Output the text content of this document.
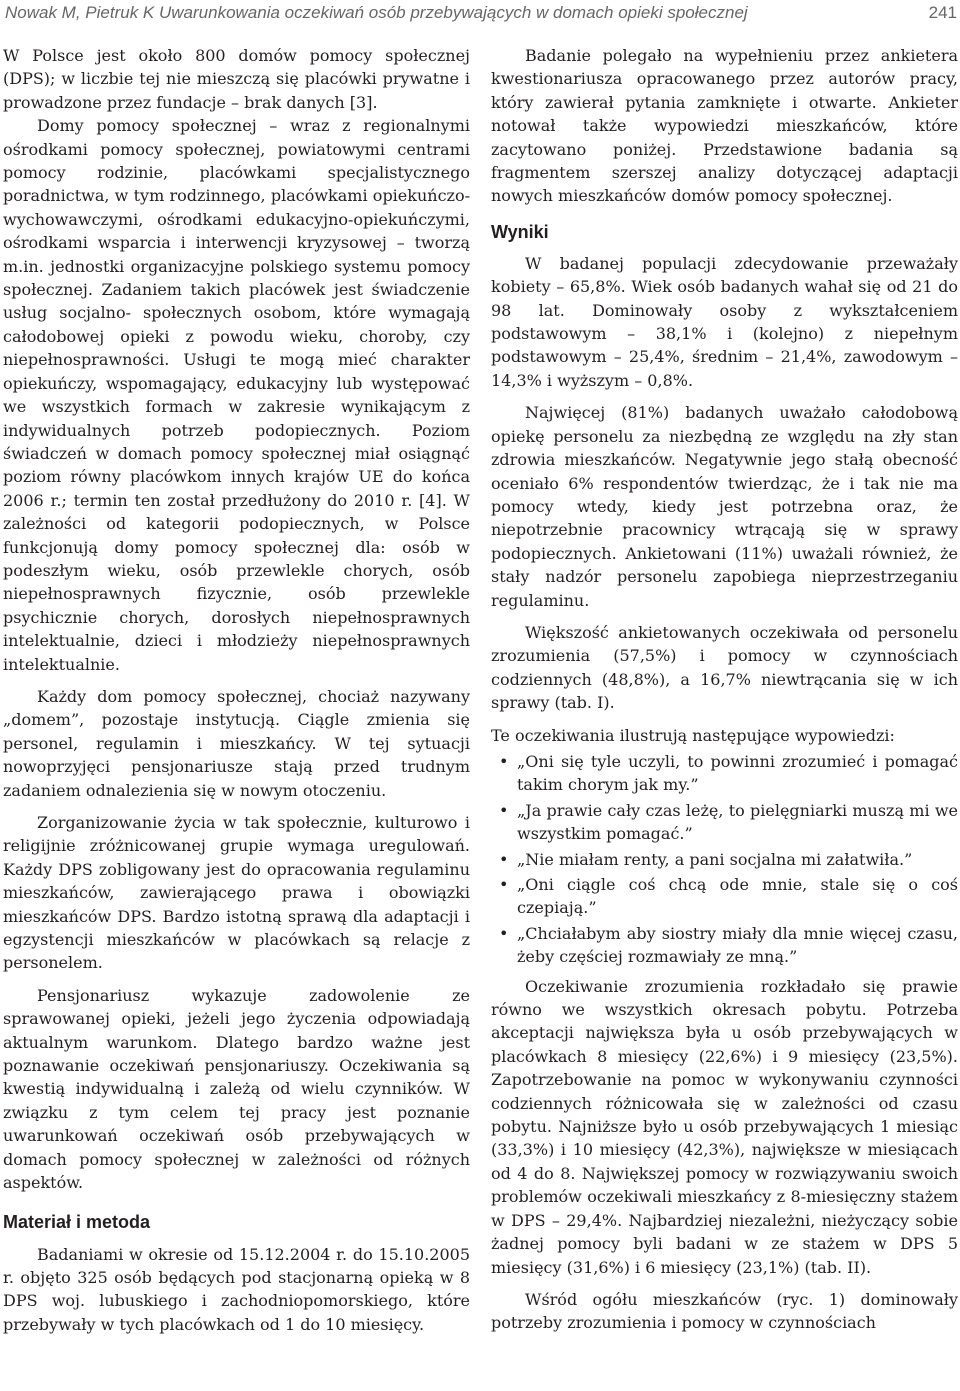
Nowak M, Pietruk K Uwarunkowania oczekiwań osób przebywających w domach opieki społecznej	241

W Polsce jest około 800 domów pomocy społecznej (DPS); w liczbie tej nie mieszczą się placówki prywatne i prowadzone przez fundacje – brak danych [3].

Domy pomocy społecznej – wraz z regionalnymi ośrodkami pomocy społecznej, powiatowymi centrami pomocy rodzinie, placówkami specjalistycznego poradnictwa, w tym rodzinnego, placówkami opiekuńczo-wychowawczymi, ośrodkami edukacyjno-opiekuńczymi, ośrodkami wsparcia i interwencji kryzysowej – tworzą m.in. jednostki organizacyjne polskiego systemu pomocy społecznej. Zadaniem takich placówek jest świadczenie usług socjalno- społecznych osobom, które wymagają całodobowej opieki z powodu wieku, choroby, czy niepełnosprawności. Usługi te mogą mieć charakter opiekuńczy, wspomagający, edukacyjny lub występować we wszystkich formach w zakresie wynikającym z indywidualnych potrzeb podopiecznych. Poziom świadczeń w domach pomocy społecznej miał osiągnąć poziom równy placówkom innych krajów UE do końca 2006 r.; termin ten został przedłużony do 2010 r. [4]. W zależności od kategorii podopiecznych, w Polsce funkcjonują domy pomocy społecznej dla: osób w podeszłym wieku, osób przewlekle chorych, osób niepełnosprawnych fizycznie, osób przewlekle psychicznie chorych, dorosłych niepełnosprawnych intelektualnie, dzieci i młodzieży niepełnosprawnych intelektualnie.

Każdy dom pomocy społecznej, chociaż nazywany „domem”, pozostaje instytucją. Ciągle zmienia się personel, regulamin i mieszkańcy. W tej sytuacji nowoprzyjęci pensjonariusze stają przed trudnym zadaniem odnalezienia się w nowym otoczeniu.

Zorganizowanie życia w tak społecznie, kulturowo i religijnie zróżnicowanej grupie wymaga uregulowań. Każdy DPS zobligowany jest do opracowania regulaminu mieszkańców, zawierającego prawa i obowiązki mieszkańców DPS. Bardzo istotną sprawą dla adaptacji i egzystencji mieszkańców w placówkach są relacje z personelem.

Pensjonariusz wykazuje zadowolenie ze sprawowanej opieki, jeżeli jego życzenia odpowiadają aktualnym warunkom. Dlatego bardzo ważne jest poznawanie oczekiwań pensjonariuszy. Oczekiwania są kwestią indywidualną i zależą od wielu czynników. W związku z tym celem tej pracy jest poznanie uwarunkowań oczekiwań osób przebywających w domach pomocy społecznej w zależności od różnych aspektów.

Materiał i metoda

Badaniami w okresie od 15.12.2004 r. do 15.10.2005 r. objęto 325 osób będących pod stacjonarną opieką w 8 DPS woj. lubuskiego i zachodniopomorskiego, które przebywały w tych placówkach od 1 do 10 miesięcy.

Badanie polegało na wypełnieniu przez ankietera kwestionariusza opracowanego przez autorów pracy, który zawierał pytania zamknięte i otwarte. Ankieter notował także wypowiedzi mieszkańców, które zacytowano poniżej. Przedstawione badania są fragmentem szerszej analizy dotyczącej adaptacji nowych mieszkańców domów pomocy społecznej.

Wyniki

W badanej populacji zdecydowanie przeważały kobiety – 65,8%. Wiek osób badanych wahał się od 21 do 98 lat. Dominowały osoby z wykształceniem podstawowym – 38,1% i (kolejno) z niepełnym podstawowym – 25,4%, średnim – 21,4%, zawodowym – 14,3% i wyższym – 0,8%.

Najwięcej (81%) badanych uważało całodobową opiekę personelu za niezbędną ze względu na zły stan zdrowia mieszkańców. Negatywnie jego stałą obecność oceniało 6% respondentów twierdząc, że i tak nie ma pomocy wtedy, kiedy jest potrzebna oraz, że niepotrzebnie pracownicy wtrącają się w sprawy podopiecznych. Ankietowani (11%) uważali również, że stały nadzór personelu zapobiega nieprzestrzeganiu regulaminu.

Większość ankietowanych oczekiwała od personelu zrozumienia (57,5%) i pomocy w czynnościach codziennych (48,8%), a 16,7% niewtrącania się w ich sprawy (tab. I).

Te oczekiwania ilustrują następujące wypowiedzi:

• „Oni się tyle uczyli, to powinni zrozumieć i pomagać takim chorym jak my.”
• „Ja prawie cały czas leżę, to pielęgniarki muszą mi we wszystkim pomagać.”
• „Nie miałam renty, a pani socjalna mi załatwiła.”
• „Oni ciągle coś chcą ode mnie, stale się o coś czepiają.”
• „Chciałabym aby siostry miały dla mnie więcej czasu, żeby częściej rozmawiały ze mną.”

Oczekiwanie zrozumienia rozkładało się prawie równo we wszystkich okresach pobytu. Potrzeba akceptacji największa była u osób przebywających w placówkach 8 miesięcy (22,6%) i 9 miesięcy (23,5%). Zapotrzebowanie na pomoc w wykonywaniu czynności codziennych różnicowała się w zależności od czasu pobytu. Najniższe było u osób przebywających 1 miesiąc (33,3%) i 10 miesięcy (42,3%), największe w miesiącach od 4 do 8. Największej pomocy w rozwiązywaniu swoich problemów oczekiwali mieszkańcy z 8-miesięczny stażem w DPS – 29,4%. Najbardziej niezależni, nieżyczący sobie żadnej pomocy byli badani w ze stażem w DPS 5 miesięcy (31,6%) i 6 miesięcy (23,1%) (tab. II).

Wśród ogółu mieszkańców (ryc. 1) dominowały potrzeby zrozumienia i pomocy w czynnościach
